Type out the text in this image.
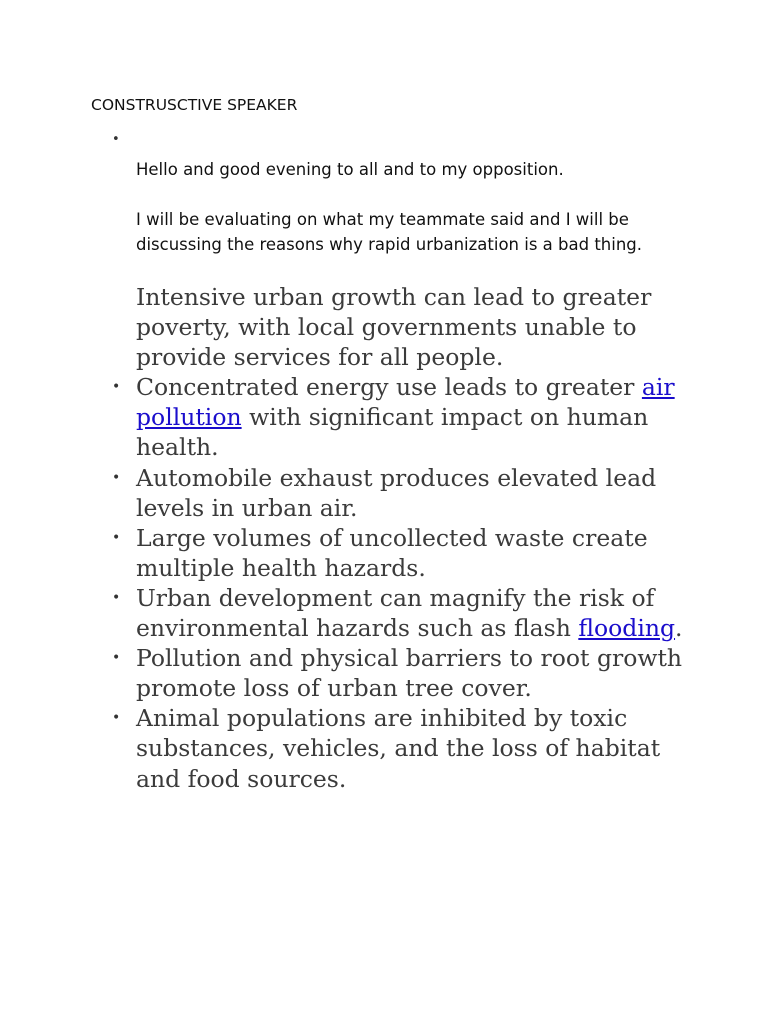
CONSTRUSCTIVE SPEAKER

•

Hello and good evening to all and to my opposition.

I will be evaluating on what my teammate said and I will be discussing the reasons why rapid urbanization is a bad thing.

Intensive urban growth can lead to greater poverty, with local governments unable to provide services for all people.

• Concentrated energy use leads to greater air pollution with significant impact on human health.
• Automobile exhaust produces elevated lead levels in urban air.
• Large volumes of uncollected waste create multiple health hazards.
• Urban development can magnify the risk of environmental hazards such as flash flooding.
• Pollution and physical barriers to root growth promote loss of urban tree cover.
• Animal populations are inhibited by toxic substances, vehicles, and the loss of habitat and food sources.
